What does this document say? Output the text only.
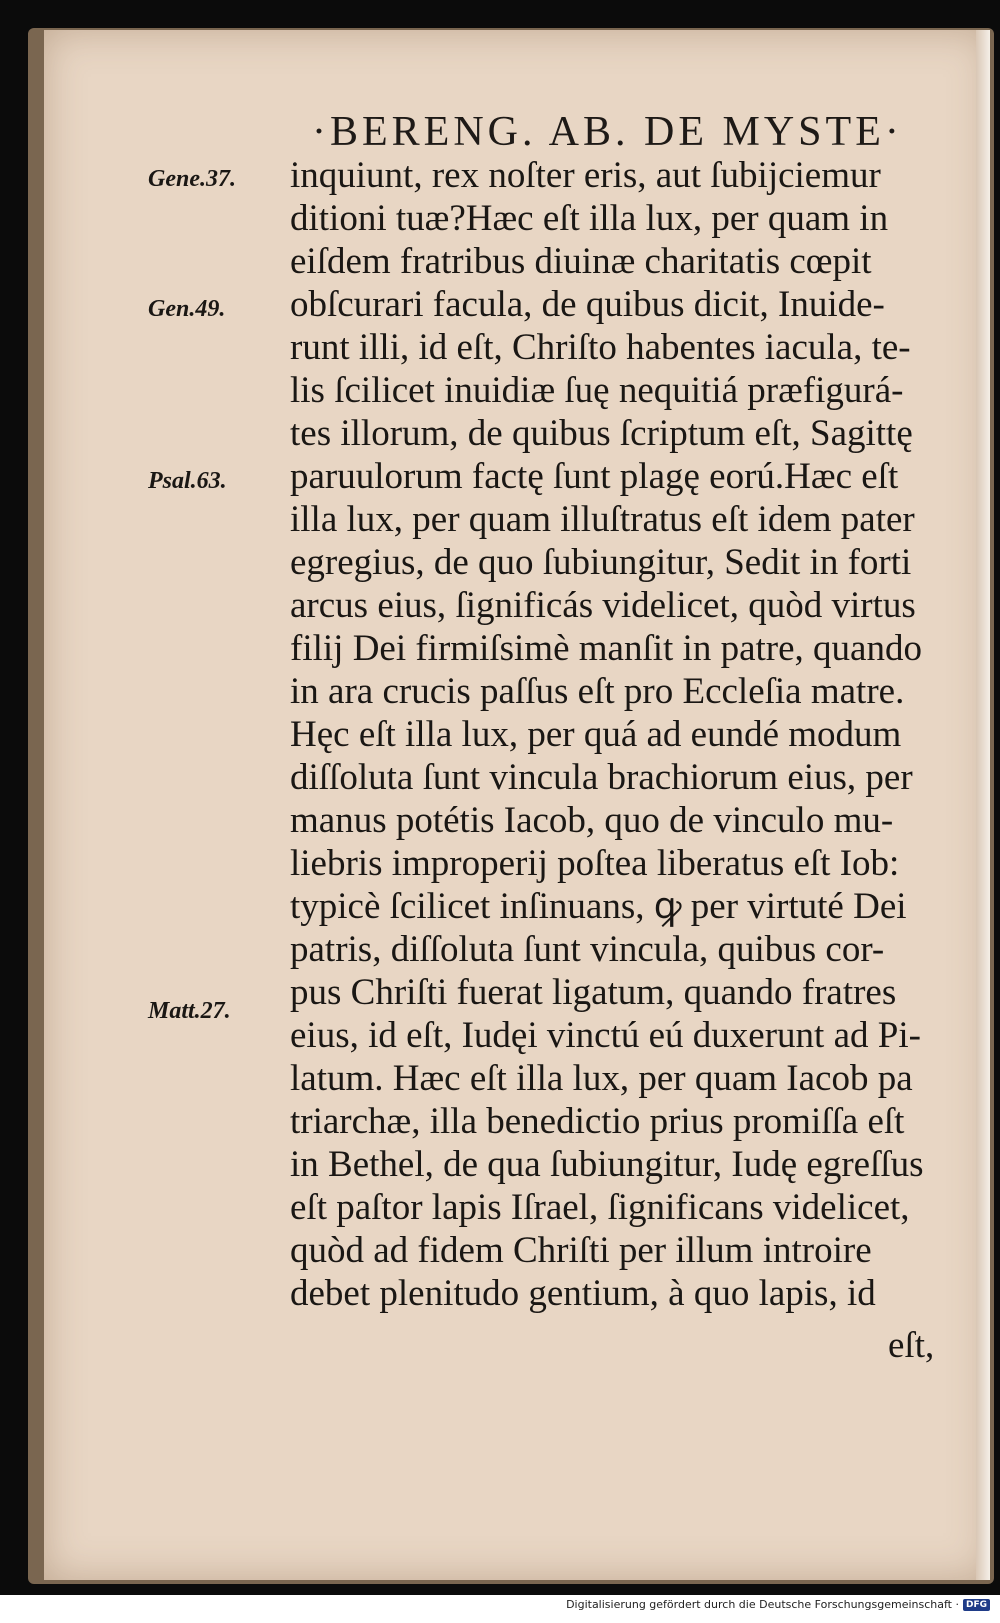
·BERENG. AB. DE MYSTE·
Gene.37.
Gen.49.
Psal.63.
Matt.27.
inquiunt, rex noſter eris, aut ſubijciemur
ditioni tuæ?Hæc eſt illa lux, per quam in
eiſdem fratribus diuinæ charitatis cœpit
obſcurari facula, de quibus dicit, Inuide-
runt illi, id eſt, Chriſto habentes iacula, te-
lis ſcilicet inuidiæ ſuę nequitiá præfigurá-
tes illorum, de quibus ſcriptum eſt, Sagittę
paruulorum factę ſunt plagę eorú.Hæc eſt
illa lux, per quam illuſtratus eſt idem pater
egregius, de quo ſubiungitur, Sedit in forti
arcus eius, ſignificás videlicet, quòd virtus
filij Dei firmiſsimè manſit in patre, quando
in ara crucis paſſus eſt pro Eccleſia matre.
Hęc eſt illa lux, per quá ad eundé modum
diſſoluta ſunt vincula brachiorum eius, per
manus potétis Iacob, quo de vinculo mu-
liebris improperij poſtea liberatus eſt Iob:
typicè ſcilicet inſinuans, ꝙ per virtuté Dei
patris, diſſoluta ſunt vincula, quibus cor-
pus Chriſti fuerat ligatum, quando fratres
eius, id eſt, Iudęi vinctú eú duxerunt ad Pi-
latum. Hæc eſt illa lux, per quam Iacob pa
triarchæ, illa benedictio prius promiſſa eſt
in Bethel, de qua ſubiungitur, Iudę egreſſus
eſt paſtor lapis Iſrael, ſignificans videlicet,
quòd ad fidem Chriſti per illum introire
debet plenitudo gentium, à quo lapis, id
eſt,
Digitalisierung gefördert durch die Deutsche Forschungsgemeinschaft · DFG
